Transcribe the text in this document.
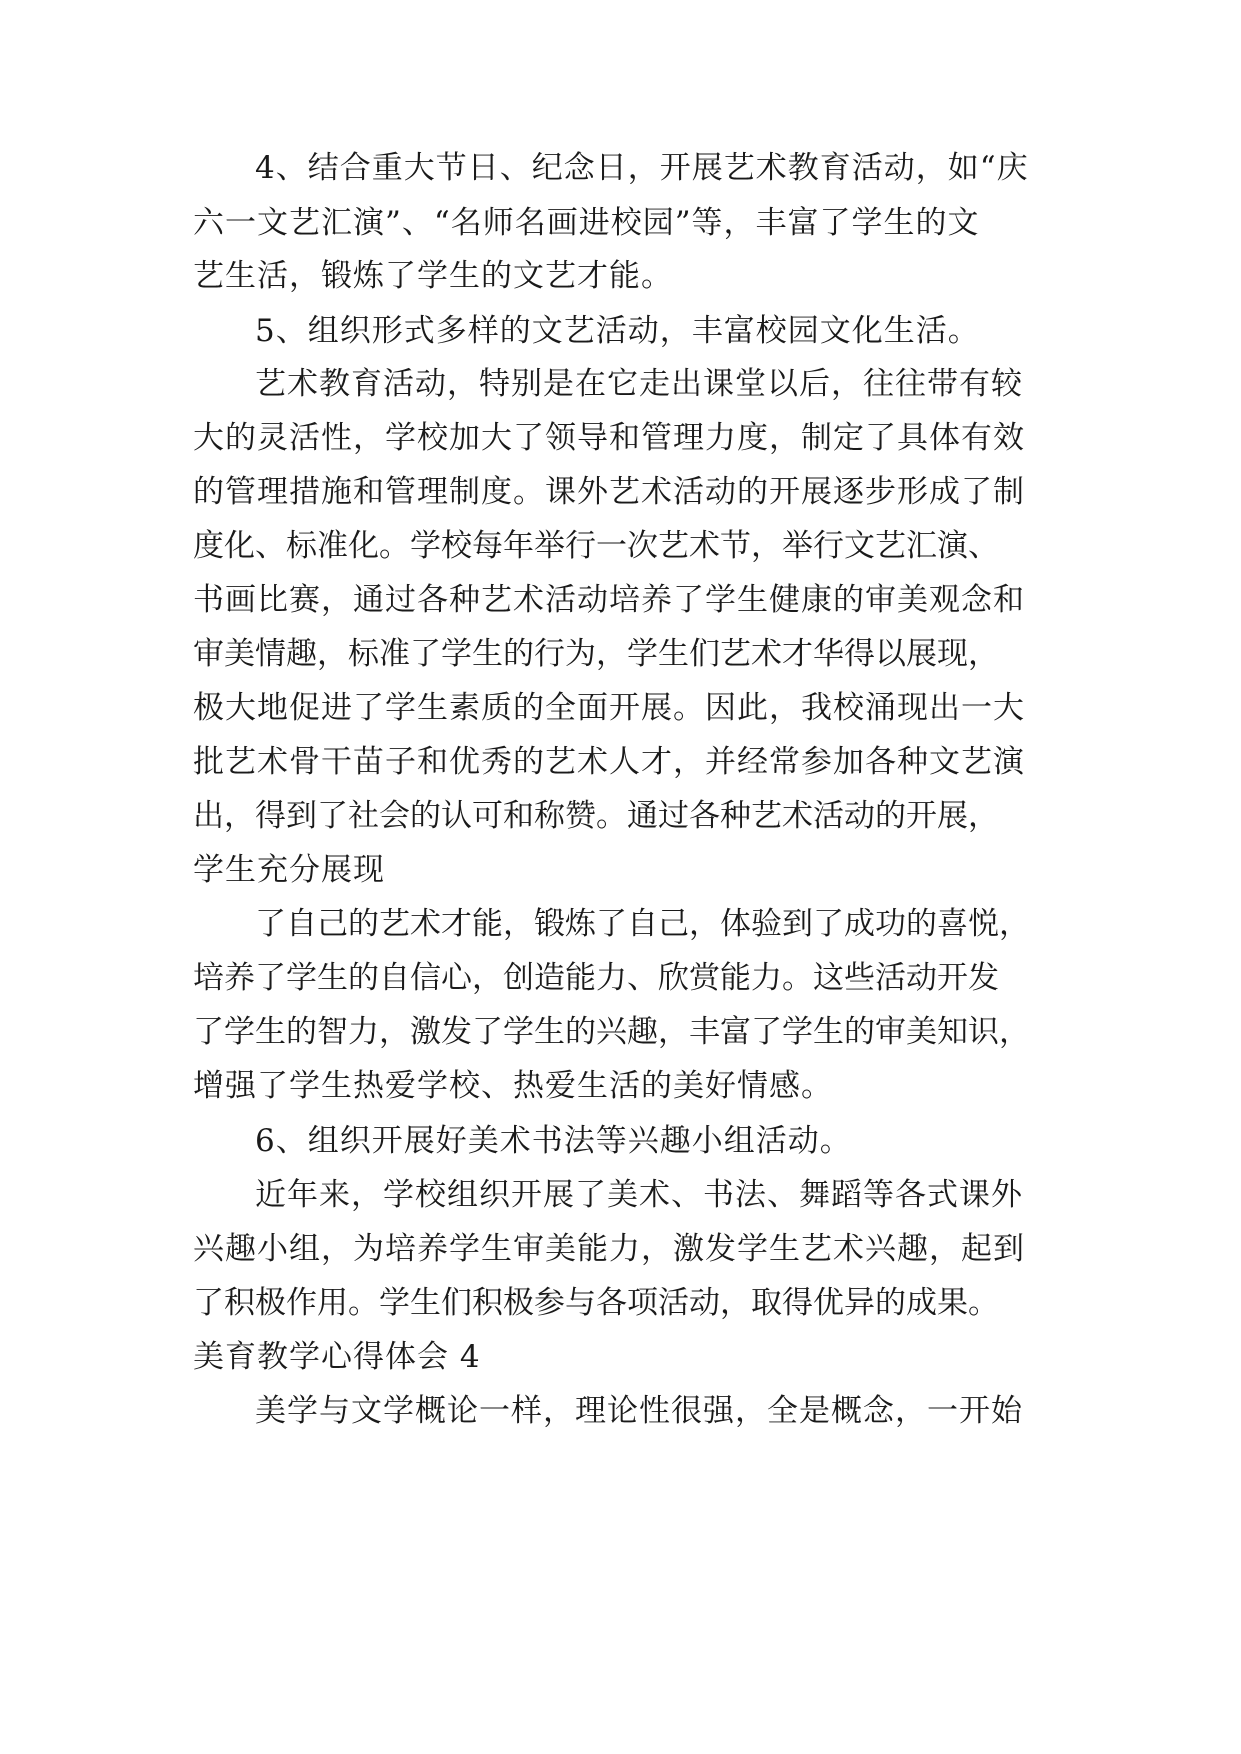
4、结合重大节日、纪念日，开展艺术教育活动，如“庆
六一文艺汇演”、“名师名画进校园”等，丰富了学生的文
艺生活，锻炼了学生的文艺才能。
5、组织形式多样的文艺活动，丰富校园文化生活。
艺术教育活动，特别是在它走出课堂以后，往往带有较
大的灵活性，学校加大了领导和管理力度，制定了具体有效
的管理措施和管理制度。课外艺术活动的开展逐步形成了制
度化、标准化。学校每年举行一次艺术节，举行文艺汇演、
书画比赛，通过各种艺术活动培养了学生健康的审美观念和
审美情趣，标准了学生的行为，学生们艺术才华得以展现，
极大地促进了学生素质的全面开展。因此，我校涌现出一大
批艺术骨干苗子和优秀的艺术人才，并经常参加各种文艺演
出，得到了社会的认可和称赞。通过各种艺术活动的开展，
学生充分展现
了自己的艺术才能，锻炼了自己，体验到了成功的喜悦，
培养了学生的自信心，创造能力、欣赏能力。这些活动开发
了学生的智力，激发了学生的兴趣，丰富了学生的审美知识，
增强了学生热爱学校、热爱生活的美好情感。
6、组织开展好美术书法等兴趣小组活动。
近年来，学校组织开展了美术、书法、舞蹈等各式课外
兴趣小组，为培养学生审美能力，激发学生艺术兴趣，起到
了积极作用。学生们积极参与各项活动，取得优异的成果。
美育教学心得体会 4
美学与文学概论一样，理论性很强，全是概念，一开始
